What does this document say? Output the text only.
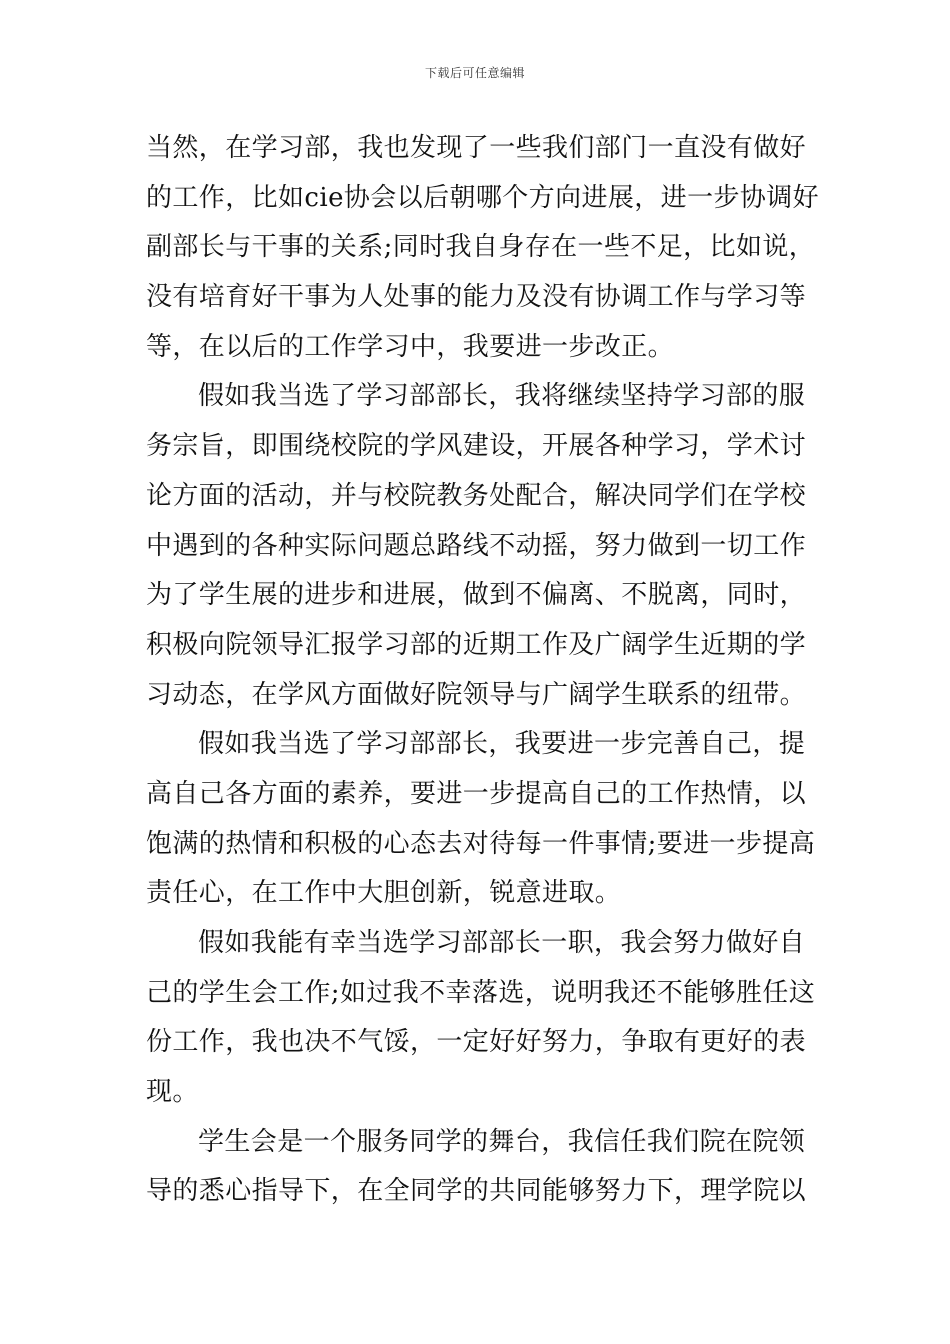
下载后可任意编辑
当然，在学习部，我也发现了一些我们部门一直没有做好
的工作，比如cie协会以后朝哪个方向进展，进一步协调好
副部长与干事的关系;同时我自身存在一些不足，比如说，
没有培育好干事为人处事的能力及没有协调工作与学习等
等，在以后的工作学习中，我要进一步改正。
假如我当选了学习部部长，我将继续坚持学习部的服
务宗旨，即围绕校院的学风建设，开展各种学习，学术讨
论方面的活动，并与校院教务处配合，解决同学们在学校
中遇到的各种实际问题总路线不动摇，努力做到一切工作
为了学生展的进步和进展，做到不偏离、不脱离，同时，
积极向院领导汇报学习部的近期工作及广阔学生近期的学
习动态，在学风方面做好院领导与广阔学生联系的纽带。
假如我当选了学习部部长，我要进一步完善自己，提
高自己各方面的素养，要进一步提高自己的工作热情，以
饱满的热情和积极的心态去对待每一件事情;要进一步提高
责任心，在工作中大胆创新，锐意进取。
假如我能有幸当选学习部部长一职，我会努力做好自
己的学生会工作;如过我不幸落选，说明我还不能够胜任这
份工作，我也决不气馁，一定好好努力，争取有更好的表
现。
学生会是一个服务同学的舞台，我信任我们院在院领
导的悉心指导下，在全同学的共同能够努力下，理学院以
